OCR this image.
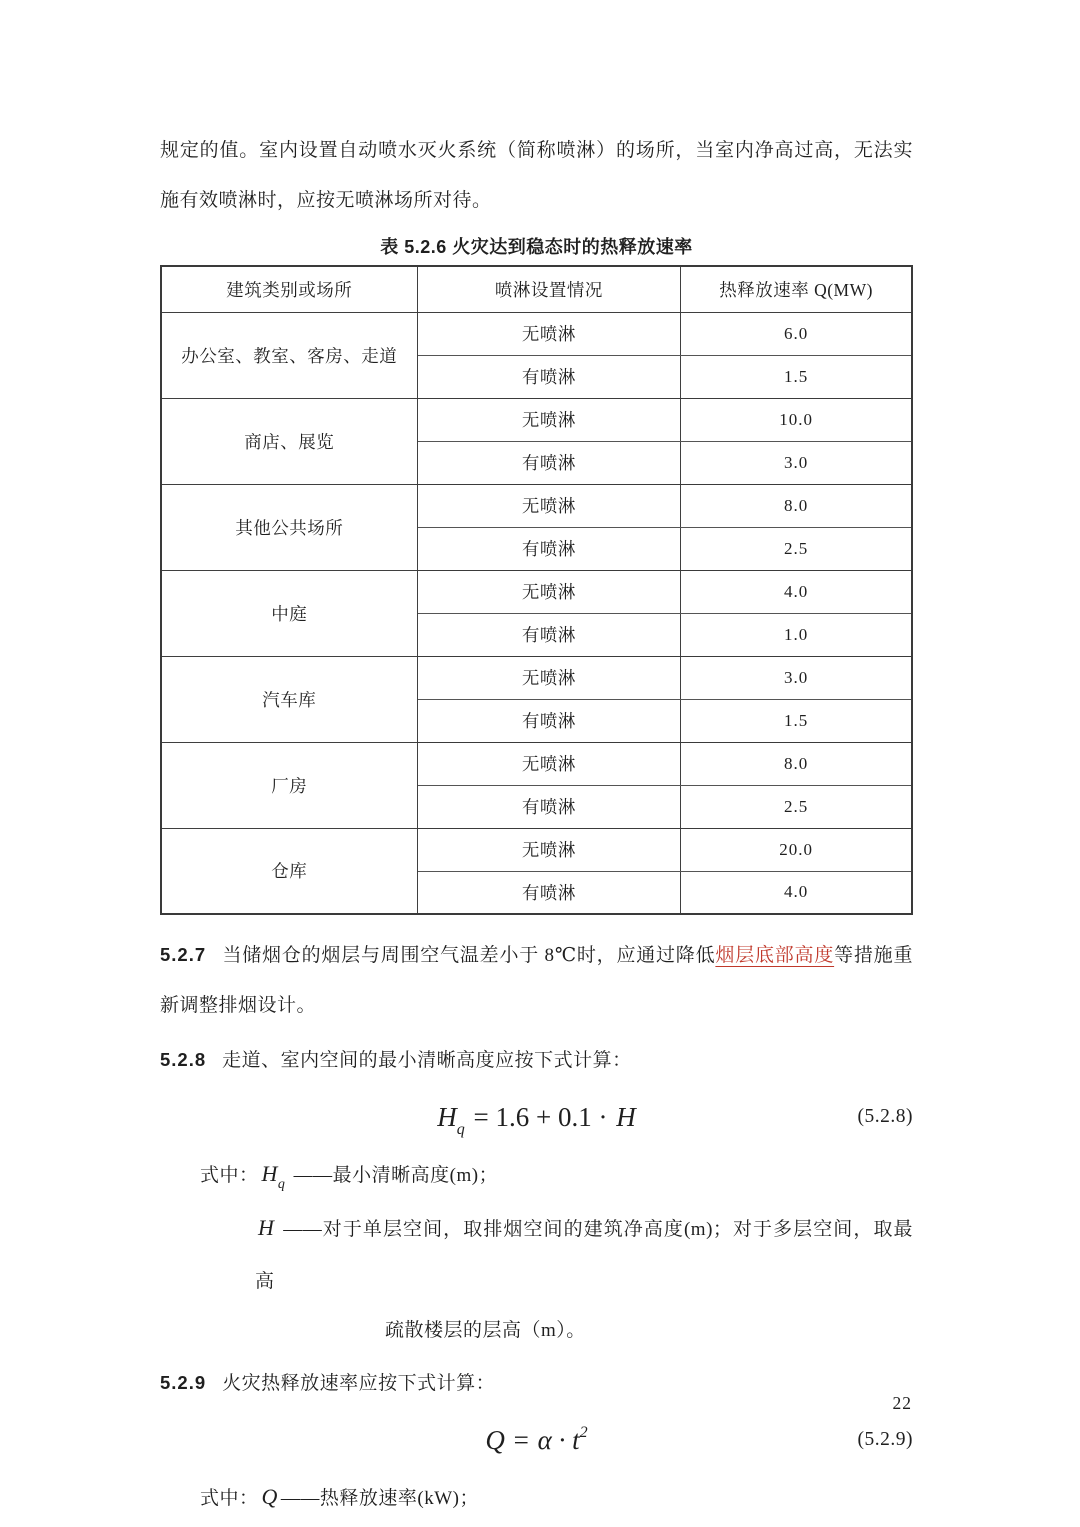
规定的值。室内设置自动喷水灭火系统（简称喷淋）的场所，当室内净高过高，无法实施有效喷淋时，应按无喷淋场所对待。

表 5.2.6 火灾达到稳态时的热释放速率
建筑类别或场所	喷淋设置情况	热释放速率 Q(MW)
办公室、教室、客房、走道	无喷淋	6.0
	有喷淋	1.5
商店、展览	无喷淋	10.0
	有喷淋	3.0
其他公共场所	无喷淋	8.0
	有喷淋	2.5
中庭	无喷淋	4.0
	有喷淋	1.0
汽车库	无喷淋	3.0
	有喷淋	1.5
厂房	无喷淋	8.0
	有喷淋	2.5
仓库	无喷淋	20.0
	有喷淋	4.0

5.2.7 当储烟仓的烟层与周围空气温差小于 8℃时，应通过降低烟层底部高度等措施重新调整排烟设计。

5.2.8 走道、室内空间的最小清晰高度应按下式计算：

$H_q = 1.6 + 0.1 \cdot H$	(5.2.8)
式中： $H_q$ ——最小清晰高度(m)；
H ——对于单层空间，取排烟空间的建筑净高度(m)；对于多层空间，取最高
疏散楼层的层高（m）。

5.2.9 火灾热释放速率应按下式计算：

$Q = \alpha \cdot t^2$	(5.2.9)
式中： Q ——热释放速率(kW)；
22
